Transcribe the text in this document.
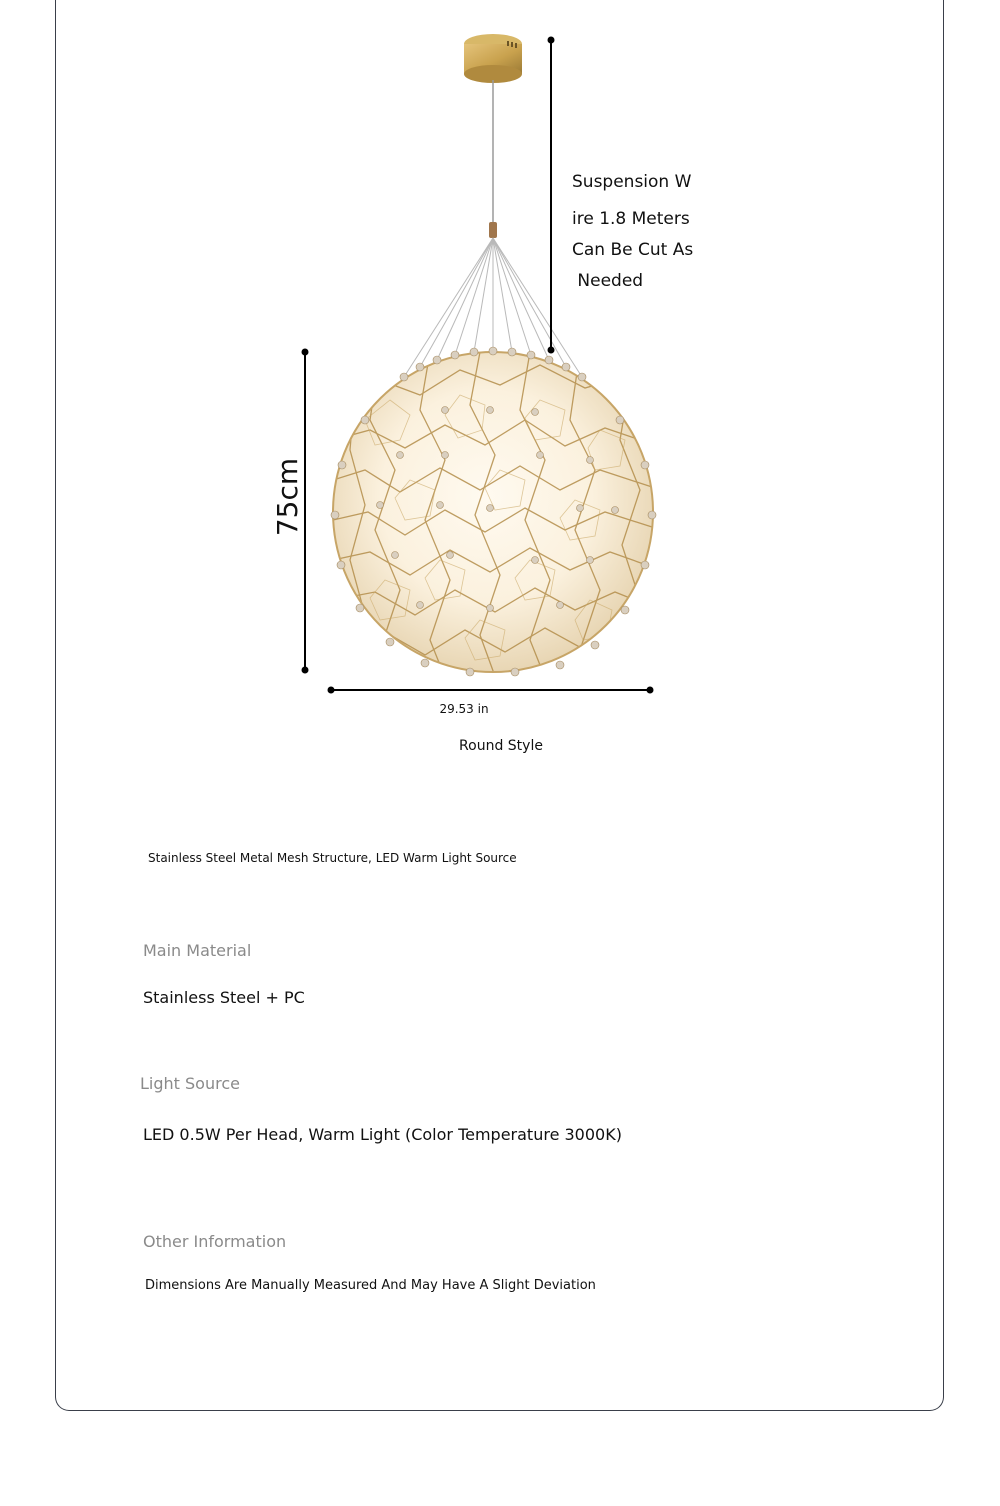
Suspension W

ire 1.8 Meters

Can Be Cut As

Needed

75cm
29.53 in
Round Style
Stainless Steel Metal Mesh Structure, LED Warm Light Source
Main Material
Stainless Steel + PC
Light Source
LED 0.5W Per Head, Warm Light (Color Temperature 3000K)
Other Information
Dimensions Are Manually Measured And May Have A Slight Deviation
